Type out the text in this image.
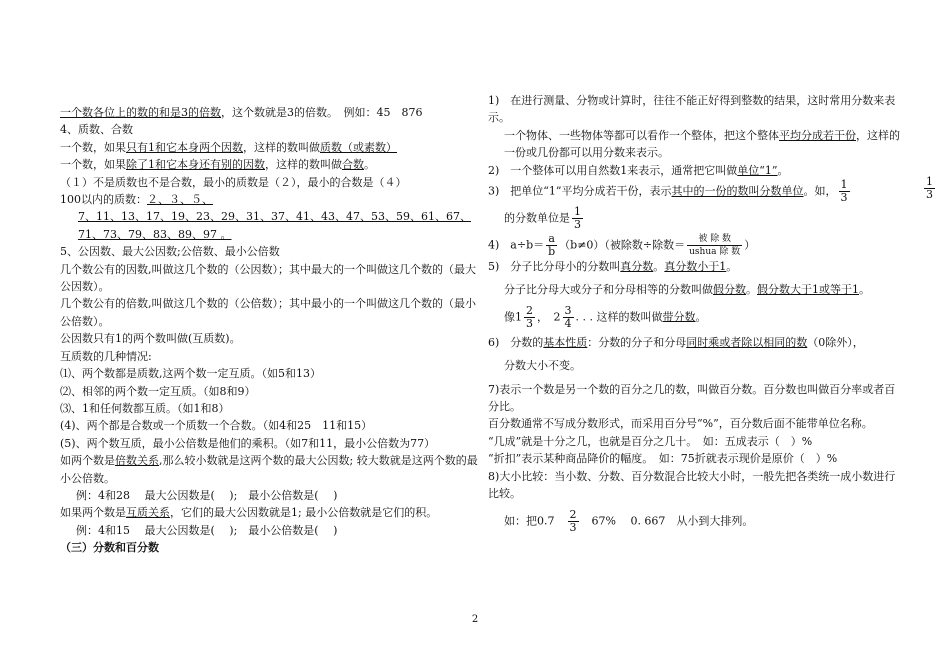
一个数各位上的数的和是3的倍数，这个数就是3的倍数。　例如：45　876
4、质数、合数
一个数，如果只有1和它本身两个因数，这样的数叫做质数（或素数）
一个数，如果除了1和它本身还有别的因数，这样的数叫做合数。
（１）不是质数也不是合数，最小的质数是（２），最小的合数是（４）
100以内的质数：２、３、５、
7、11、13、17、19、23、29、31、37、41、43、47、53、59、61、67、71、73、79、83、89、97 。
5、公因数、最大公因数;公倍数、最小公倍数
几个数公有的因数,叫做这几个数的（公因数）；其中最大的一个叫做这几个数的（最大公因数）。
几个数公有的倍数,叫做这几个数的（公倍数）；其中最小的一个叫做这几个数的（最小公倍数）。
公因数只有1的两个数叫做(互质数)。
互质数的几种情况:
⑴、两个数都是质数,这两个数一定互质。（如5和13）
⑵、相邻的两个数一定互质。（如8和9）
⑶、1和任何数都互质。（如1和8）
(4)、两个都是合数或一个质数一个合数。（如4和25　11和15）
(5)、两个数互质，最小公倍数是他们的乘积。（如7和11，最小公倍数为77）
如两个数是倍数关系,那么较小数就是这两个数的最大公因数; 较大数就是这两个数的最小公倍数。
例：4和28　 最大公因数是(　 );　最小公倍数是(　 )
如果两个数是互质关系，它们的最大公因数就是1; 最小公倍数就是它们的积。
例：4和15　 最大公因数是(　 );　最小公倍数是(　 )
（三）分数和百分数
1)　在进行测量、分物或计算时，往往不能正好得到整数的结果，这时常用分数来表示。
一个物体、一些物体等都可以看作一个整体，把这个整体平均分成若干份，这样的一份或几份都可以用分数来表示。
2)　一个整体可以用自然数1来表示，通常把它叫做单位“1”。
3)　把单位“1”平均分成若干份，表示其中的一份的数叫分数单位。如， $\frac{1}{3}$
的分数单位是 $\frac{1}{3}$
4)　$a\div b= \frac{a}{b} (b\ne 0)$（被除数÷除数＝ $\frac{\text{被 除 数}}{\text{ushua 除 数}}$ ）
5)　分子比分母小的分数叫真分数。真分数小于1。
分子比分母大或分子和分母相等的分数叫做假分数。假分数大于1或等于1。
像$1 \frac{2}{3}$ ，　$2 \frac{3}{4}$ . . . 这样的数叫做带分数。
6)　分数的基本性质：分数的分子和分母同时乘或者除以相同的数（0除外），
分数大小不变。
7)表示一个数是另一个数的百分之几的数，叫做百分数。百分数也叫做百分率或者百分比。
百分数通常不写成分数形式，而采用百分号“%”，百分数后面不能带单位名称。
“几成”就是十分之几，也就是百分之几十。　如：五成表示（　）%
“折扣”表示某种商品降价的幅度。　如：75折就表示现价是原价（　）%
8)大小比较：当小数、分数、百分数混合比较大小时，一般先把各类统一成小数进行比较。
如：把0.7　 $\frac{2}{3}$ 　67%　 0. 667　从小到大排列。
$\frac{1}{3}$
2
